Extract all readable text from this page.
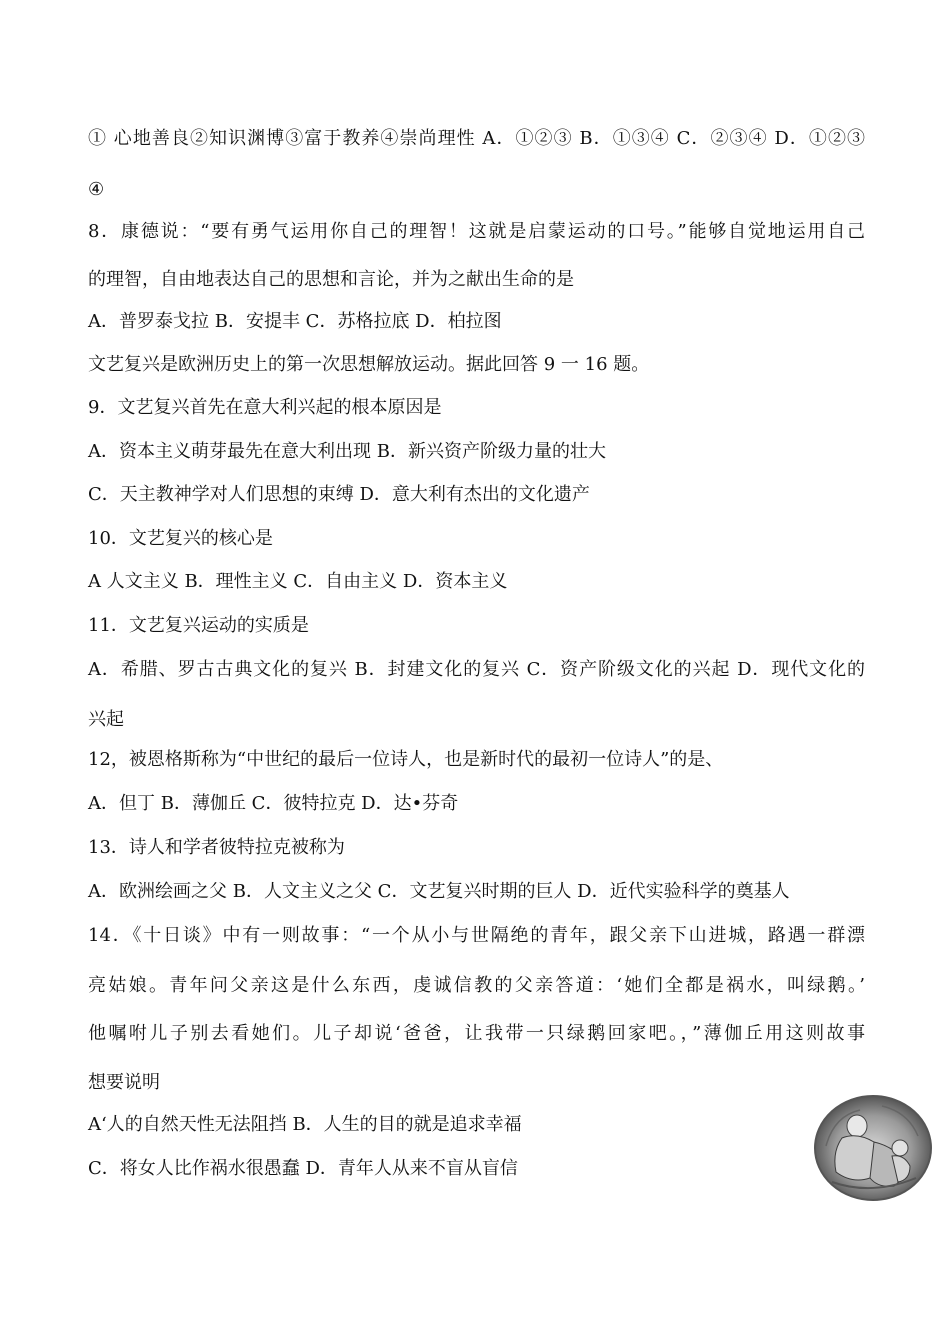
① 心地善良②知识渊博③富于教养④崇尚理性 A．①②③ B．①③④ C．②③④ D．①②③
④
8．康德说：“要有勇气运用你自己的理智！这就是启蒙运动的口号。”能够自觉地运用自己
的理智，自由地表达自己的思想和言论，并为之献出生命的是
A．普罗泰戈拉 B．安提丰 C．苏格拉底 D．柏拉图
文艺复兴是欧洲历史上的第一次思想解放运动。据此回答 9 一 16 题。
9．文艺复兴首先在意大利兴起的根本原因是
A．资本主义萌芽最先在意大利出现 B．新兴资产阶级力量的壮大
C．天主教神学对人们思想的束缚 D．意大利有杰出的文化遗产
10．文艺复兴的核心是
A 人文主义 B．理性主义 C．自由主义 D．资本主义
11．文艺复兴运动的实质是
A．希腊、罗古古典文化的复兴 B．封建文化的复兴 C．资产阶级文化的兴起 D．现代文化的
兴起
12，被恩格斯称为“中世纪的最后一位诗人，也是新时代的最初一位诗人”的是、
A．但丁 B．薄伽丘 C．彼特拉克 D．达•芬奇
13．诗人和学者彼特拉克被称为
A．欧洲绘画之父 B．人文主义之父 C．文艺复兴时期的巨人 D．近代实验科学的奠基人
14．《十日谈》中有一则故事：“一个从小与世隔绝的青年，跟父亲下山进城，路遇一群漂
亮姑娘。青年问父亲这是什么东西，虔诚信教的父亲答道：‘她们全都是祸水，叫绿鹅。’
他嘱咐儿子别去看她们。儿子却说‘爸爸，让我带一只绿鹅回家吧。，”薄伽丘用这则故事
想要说明
A‘人的自然天性无法阻挡 B．人生的目的就是追求幸福
C．将女人比作祸水很愚蠢 D．青年人从来不盲从盲信
